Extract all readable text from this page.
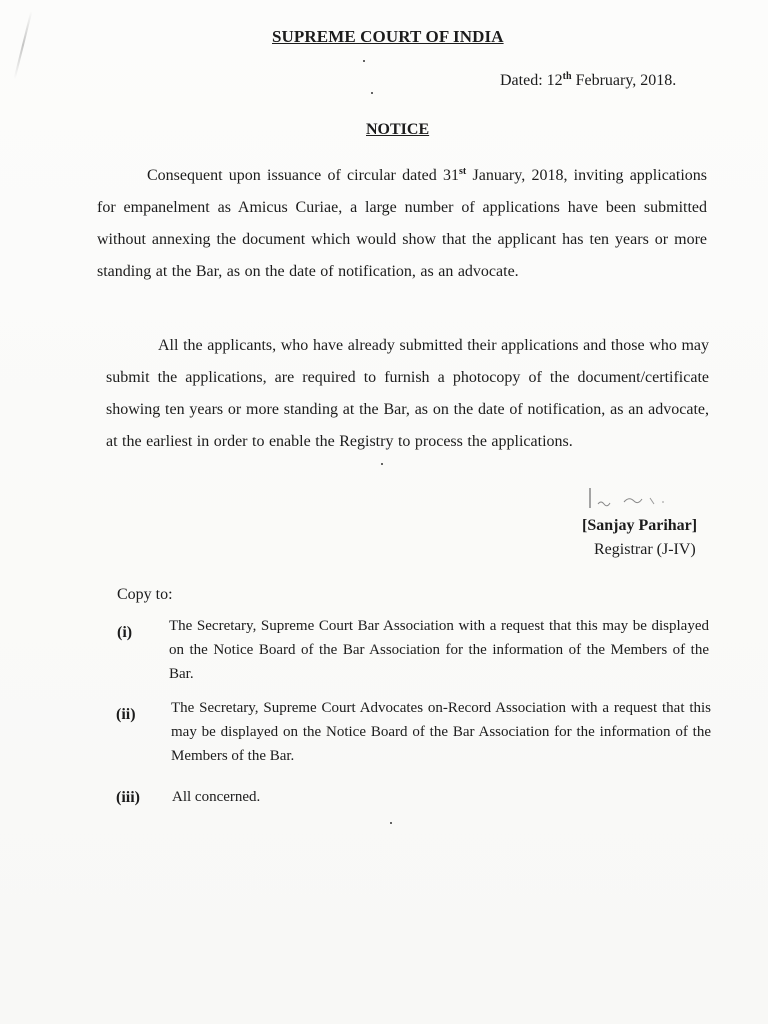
SUPREME COURT OF INDIA
Dated: 12th February, 2018.
NOTICE
Consequent upon issuance of circular dated 31st January, 2018, inviting applications for empanelment as Amicus Curiae, a large number of applications have been submitted without annexing the document which would show that the applicant has ten years or more standing at the Bar, as on the date of notification, as an advocate.
All the applicants, who have already submitted their applications and those who may submit the applications, are required to furnish a photocopy of the document/certificate showing ten years or more standing at the Bar, as on the date of notification, as an advocate, at the earliest in order to enable the Registry to process the applications.
[Sanjay Parihar]
Registrar (J-IV)
Copy to:
(i) The Secretary, Supreme Court Bar Association with a request that this may be displayed on the Notice Board of the Bar Association for the information of the Members of the Bar.
(ii) The Secretary, Supreme Court Advocates on-Record Association with a request that this may be displayed on the Notice Board of the Bar Association for the information of the Members of the Bar.
(iii) All concerned.
